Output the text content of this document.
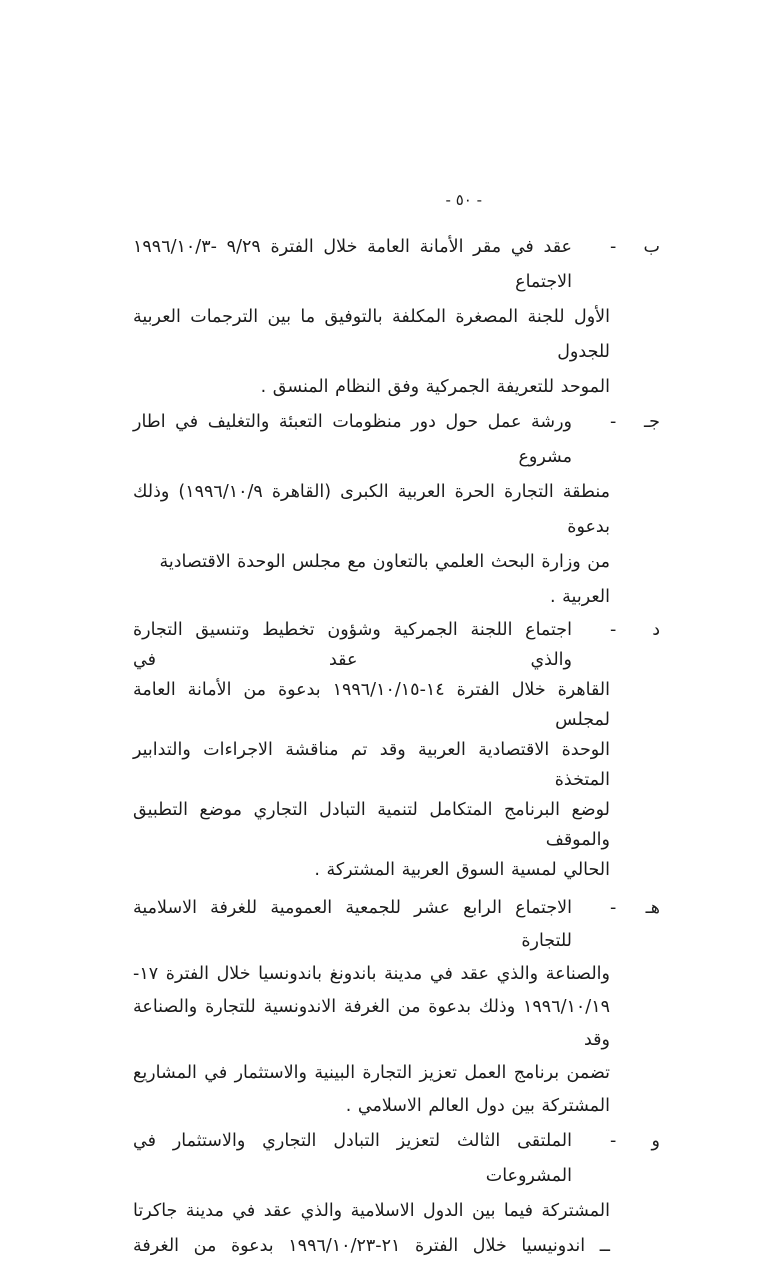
- ٥٠ -
ب
-
عقد في مقر الأمانة العامة خلال الفترة ٩/٢٩ -١٩٩٦/١٠/٣ الاجتماع
الأول للجنة المصغرة المكلفة بالتوفيق ما بين الترجمات العربية للجدول
الموحد للتعريفة الجمركية وفق النظام المنسق .
جـ
-
ورشة عمل حول دور منظومات التعبئة والتغليف في اطار مشروع
منطقة التجارة الحرة العربية الكبرى (القاهرة ١٩٩٦/١٠/٩) وذلك بدعوة
من وزارة البحث العلمي بالتعاون مع مجلس الوحدة الاقتصادية العربية .
د
-
اجتماع اللجنة الجمركية وشؤون تخطيط وتنسيق التجارة والذي عقد في
القاهرة خلال الفترة ١٤-١٩٩٦/١٠/١٥ بدعوة من الأمانة العامة لمجلس
الوحدة الاقتصادية العربية وقد تم مناقشة الاجراءات والتدابير المتخذة
لوضع البرنامج المتكامل لتنمية التبادل التجاري موضع التطبيق والموقف
الحالي لمسية السوق العربية المشتركة .
هـ
-
الاجتماع الرابع عشر للجمعية العمومية للغرفة الاسلامية للتجارة
والصناعة والذي عقد في مدينة باندونغ باندونسيا خلال الفترة ١٧-
١٩٩٦/١٠/١٩ وذلك بدعوة من الغرفة الاندونسية للتجارة والصناعة وقد
تضمن برنامج العمل تعزيز التجارة البينية والاستثمار في المشاريع
المشتركة بين دول العالم الاسلامي .
و
-
الملتقى الثالث لتعزيز التبادل التجاري والاستثمار في المشروعات
المشتركة فيما بين الدول الاسلامية والذي عقد في مدينة جاكرتا
ــ اندونيسيا خلال الفترة ٢١-١٩٩٦/١٠/٢٣ بدعوة من الغرفة
